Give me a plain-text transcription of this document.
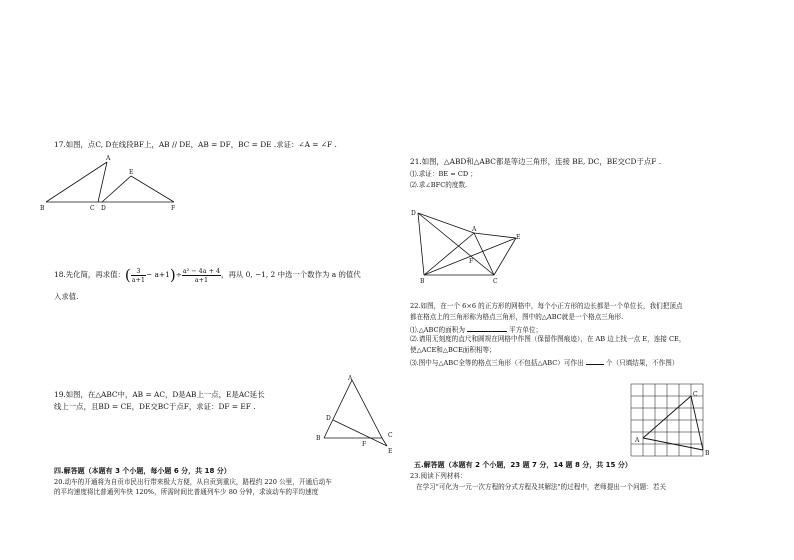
17.如图，点C, D在线段BF上，AB // DE，AB = DF，BC = DE .求证：∠A = ∠F .
A
B	C D
E
F
18.先化简，再求值：( $\frac{3}{a+1} - a+1)\div \frac{\text{a² − 4a + 4}}{a+1}$ ，再从 0, −1, 2 中选一个数作为 a 的值代
入求值.
19.如图，在△ABC中，AB = AC，D是AB上一点，E是AC延长
线上一点，且BD = CE，DE交BC于点F，求证：DF = EF .
A
B	C
D
E
F
四.解答题（本题有 3 个小题，每小题 6 分，共 18 分）
20.动车的开通将为自贡市民出行带来极大方便，从自贡到重庆，路程约 220 公里，开通后动车
的平均速度将比普通列车快 120%，所需时间比普通列车少 80 分钟，求该动车的平均速度
21.如图，△ABD和△ABC都是等边三角形，连接 BE, DC，BE交CD于点F .
⑴.求证：BE = CD ；
⑵.求∠BFC的度数.
D
A
E
F
B	C
22.如图，在一个 6×6 的正方形的网格中，每个小正方形的边长都是一个单位长，我们把顶点
都在格点上的三角形称为格点三角形，图中的△ABC就是一个格点三角形.
⑴.△ABC的面积为	平方单位；
⑵.请用无刻度的直尺和圆规在网格中作图（保留作图痕迹），在 AB 边上找一点 E，连接 CE，
使△ACE和△BCE面积相等；
⑶.图中与△ABC全等的格点三角形（不包括△ABC）可作出	个（只填结果，不作图）
A
B
C
五.解答题（本题有 2 个小题，23 题 7 分，14 题 8 分，共 15 分）
23.阅读下列材料：
在学习"可化为一元一次方程的分式方程及其解法"的过程中，老师提出一个问题：若关
